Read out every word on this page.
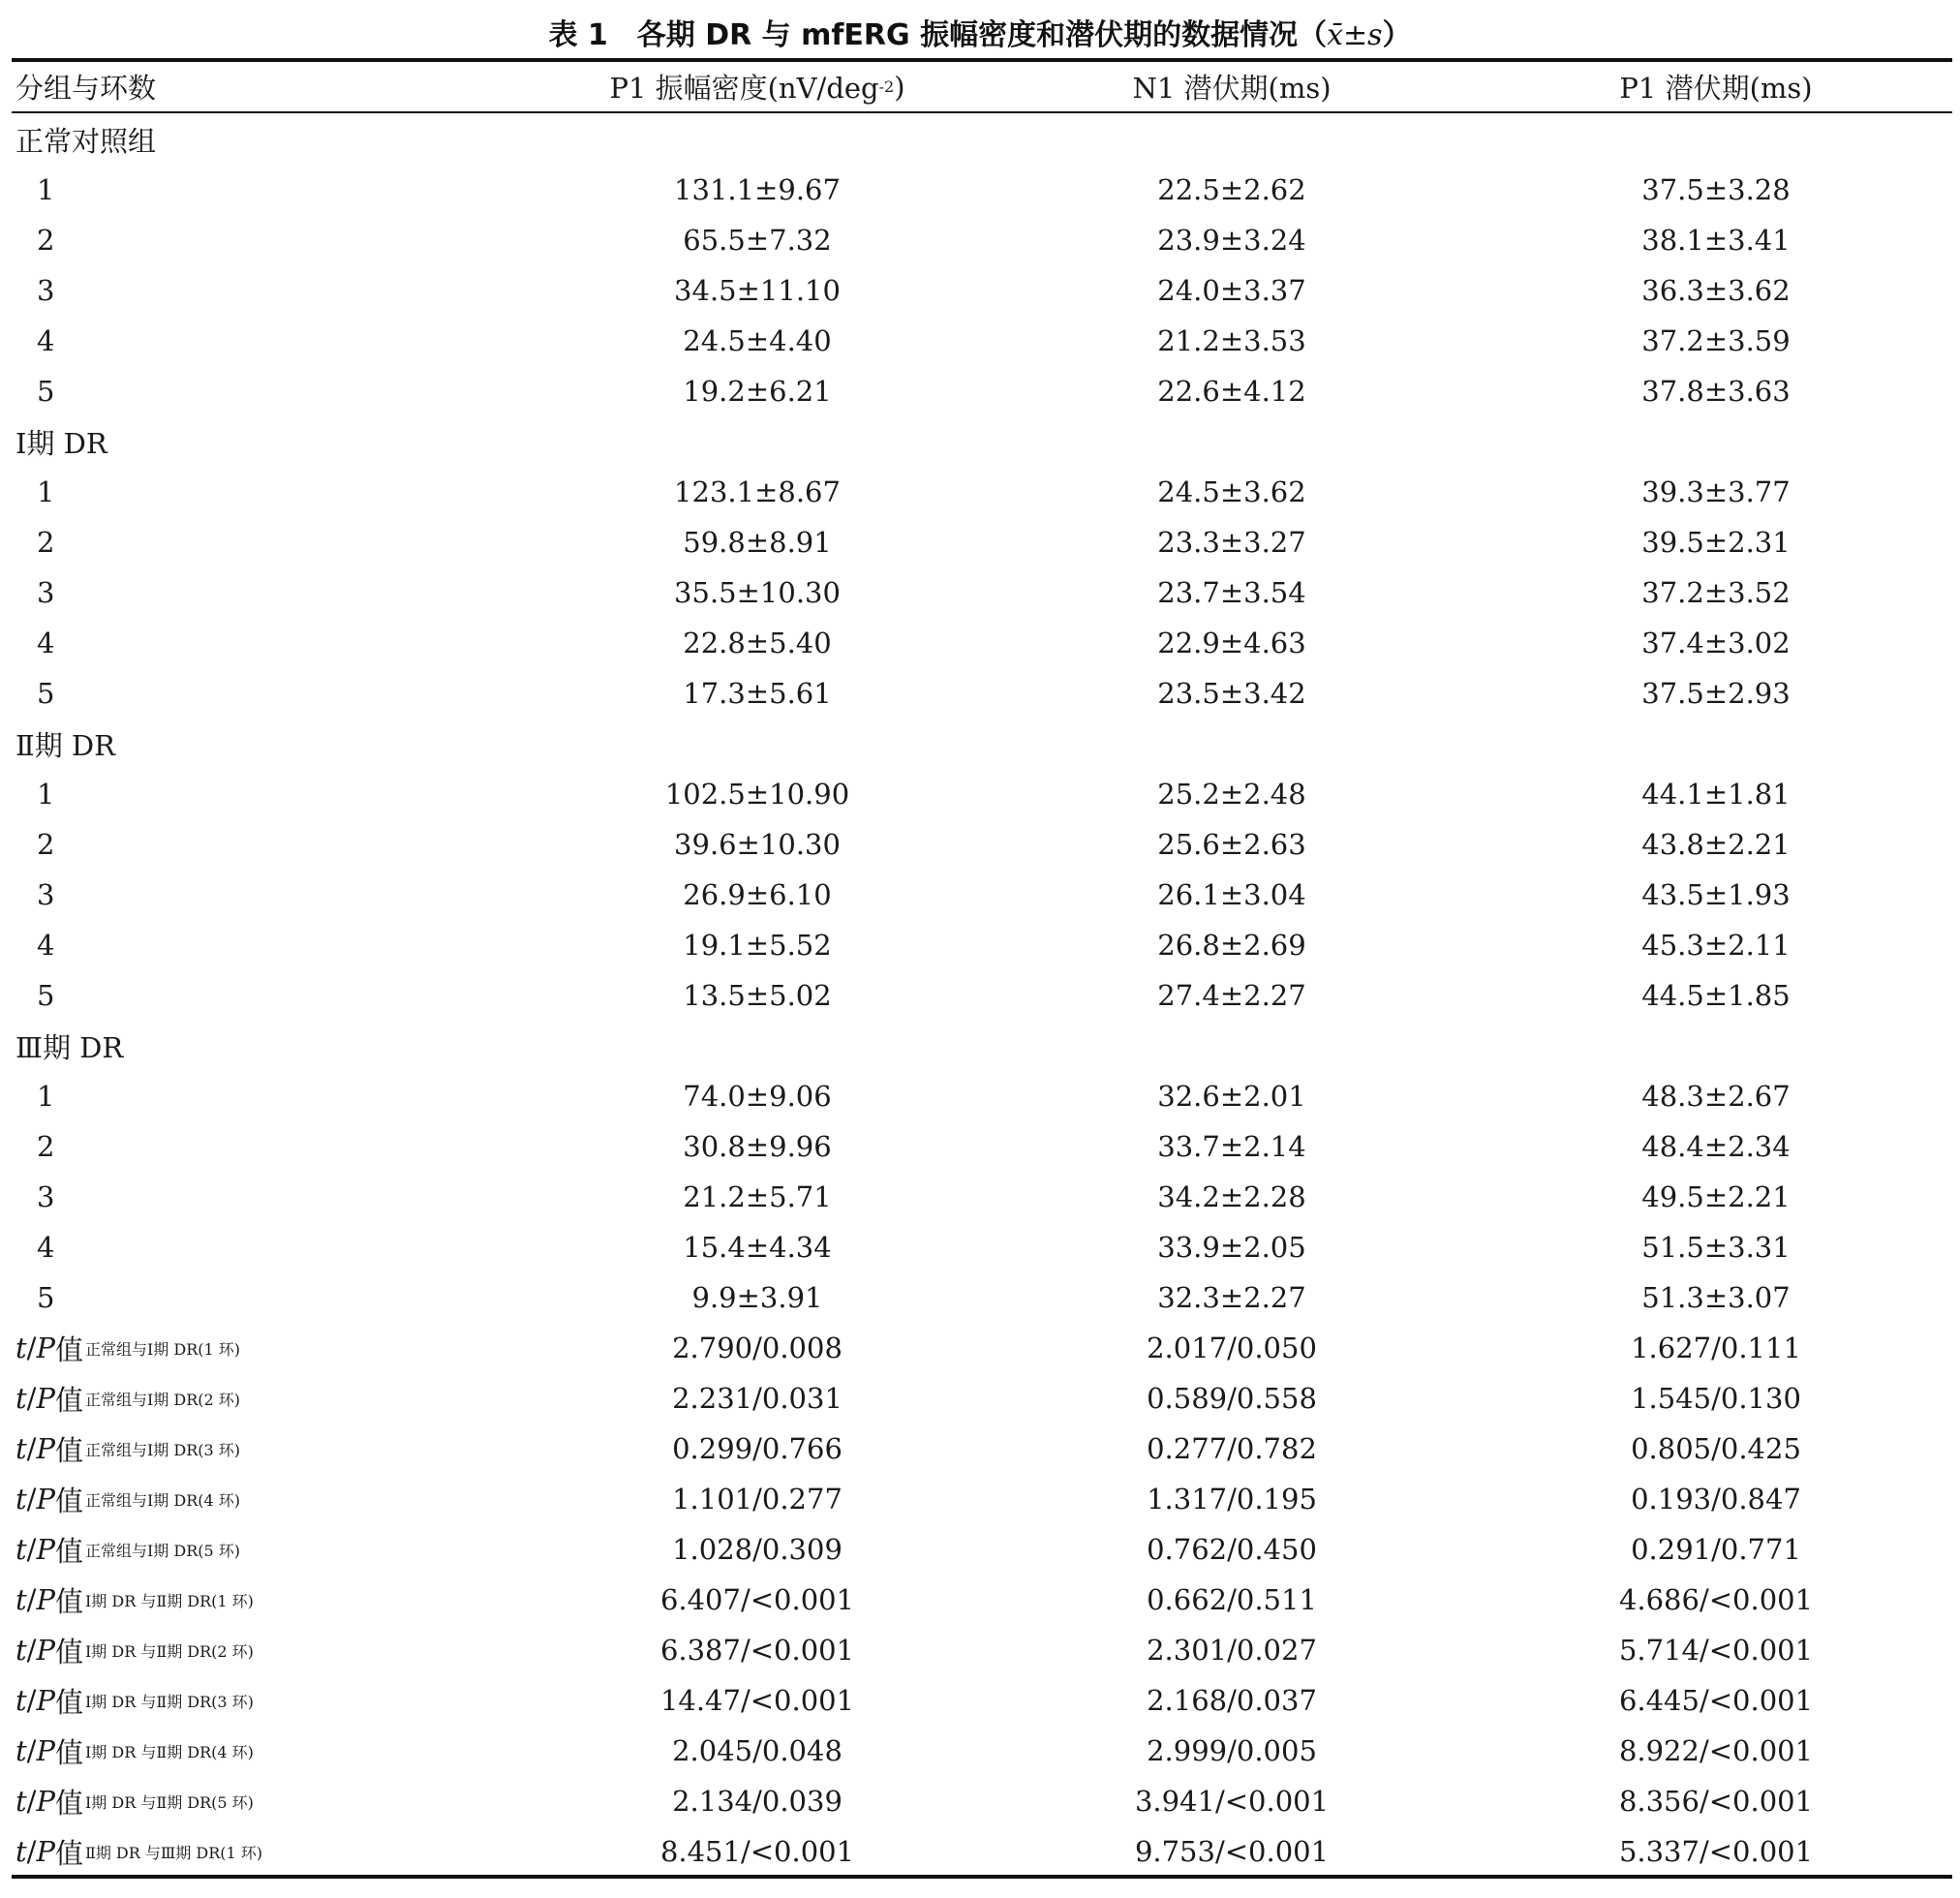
表 1 各期 DR 与 mfERG 振幅密度和潜伏期的数据情况（x̄±s）
分组与环数	P1 振幅密度(nV/deg -2 )	N1 潜伏期(ms)	P1 潜伏期(ms)
正常对照组
1	131.1±9.67	22.5±2.62	37.5±3.28
2	65.5±7.32	23.9±3.24	38.1±3.41
3	34.5±11.10	24.0±3.37	36.3±3.62
4	24.5±4.40	21.2±3.53	37.2±3.59
5	19.2±6.21	22.6±4.12	37.8±3.63
Ⅰ期 DR
1	123.1±8.67	24.5±3.62	39.3±3.77
2	59.8±8.91	23.3±3.27	39.5±2.31
3	35.5±10.30	23.7±3.54	37.2±3.52
4	22.8±5.40	22.9±4.63	37.4±3.02
5	17.3±5.61	23.5±3.42	37.5±2.93
Ⅱ期 DR
1	102.5±10.90	25.2±2.48	44.1±1.81
2	39.6±10.30	25.6±2.63	43.8±2.21
3	26.9±6.10	26.1±3.04	43.5±1.93
4	19.1±5.52	26.8±2.69	45.3±2.11
5	13.5±5.02	27.4±2.27	44.5±1.85
Ⅲ期 DR
1	74.0±9.06	32.6±2.01	48.3±2.67
2	30.8±9.96	33.7±2.14	48.4±2.34
3	21.2±5.71	34.2±2.28	49.5±2.21
4	15.4±4.34	33.9±2.05	51.5±3.31
5	9.9±3.91	32.3±2.27	51.3±3.07
t / P 值 正常组与Ⅰ期 DR(1 环)	2.790/0.008	2.017/0.050	1.627/0.111
t / P 值 正常组与Ⅰ期 DR(2 环)	2.231/0.031	0.589/0.558	1.545/0.130
t / P 值 正常组与Ⅰ期 DR(3 环)	0.299/0.766	0.277/0.782	0.805/0.425
t / P 值 正常组与Ⅰ期 DR(4 环)	1.101/0.277	1.317/0.195	0.193/0.847
t / P 值 正常组与Ⅰ期 DR(5 环)	1.028/0.309	0.762/0.450	0.291/0.771
t / P 值 Ⅰ期 DR 与Ⅱ期 DR(1 环)	6.407/<0.001	0.662/0.511	4.686/<0.001
t / P 值 Ⅰ期 DR 与Ⅱ期 DR(2 环)	6.387/<0.001	2.301/0.027	5.714/<0.001
t / P 值 Ⅰ期 DR 与Ⅱ期 DR(3 环)	14.47/<0.001	2.168/0.037	6.445/<0.001
t / P 值 Ⅰ期 DR 与Ⅱ期 DR(4 环)	2.045/0.048	2.999/0.005	8.922/<0.001
t / P 值 Ⅰ期 DR 与Ⅱ期 DR(5 环)	2.134/0.039	3.941/<0.001	8.356/<0.001
t / P 值 Ⅱ期 DR 与Ⅲ期 DR(1 环)	8.451/<0.001	9.753/<0.001	5.337/<0.001
